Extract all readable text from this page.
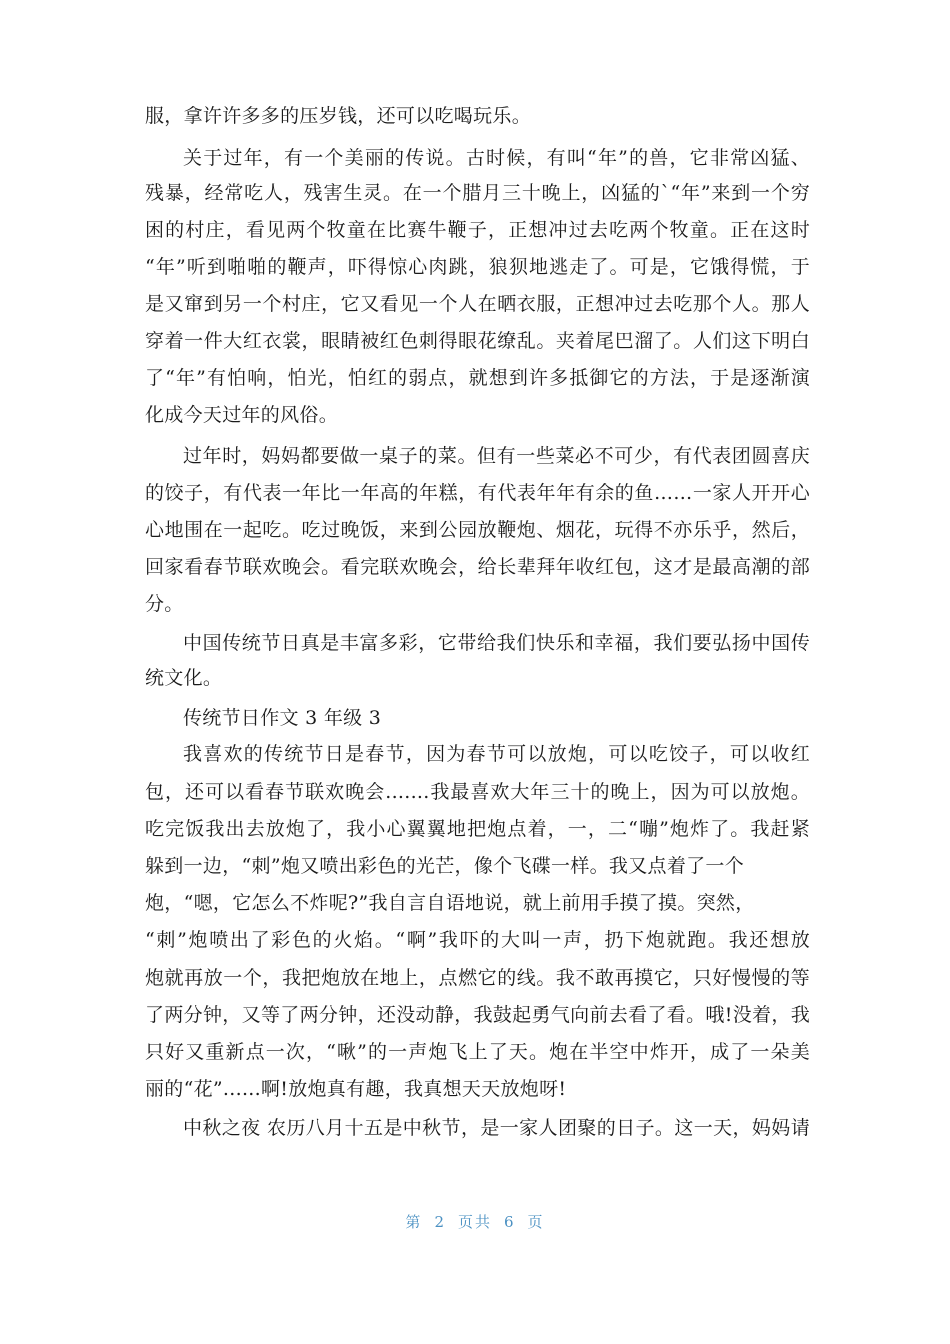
服，拿许许多多的压岁钱，还可以吃喝玩乐。
关于过年，有一个美丽的传说。古时候，有叫“年”的兽，它非常凶猛、
残暴，经常吃人，残害生灵。在一个腊月三十晚上，凶猛的`“年”来到一个穷
困的村庄，看见两个牧童在比赛牛鞭子，正想冲过去吃两个牧童。正在这时
“年”听到啪啪的鞭声，吓得惊心肉跳，狼狈地逃走了。可是，它饿得慌，于
是又窜到另一个村庄，它又看见一个人在晒衣服，正想冲过去吃那个人。那人
穿着一件大红衣裳，眼睛被红色刺得眼花缭乱。夹着尾巴溜了。人们这下明白
了“年”有怕响，怕光，怕红的弱点，就想到许多抵御它的方法，于是逐渐演
化成今天过年的风俗。
过年时，妈妈都要做一桌子的菜。但有一些菜必不可少，有代表团圆喜庆
的饺子，有代表一年比一年高的年糕，有代表年年有余的鱼……一家人开开心
心地围在一起吃。吃过晚饭，来到公园放鞭炮、烟花，玩得不亦乐乎，然后，
回家看春节联欢晚会。看完联欢晚会，给长辈拜年收红包，这才是最高潮的部
分。
中国传统节日真是丰富多彩，它带给我们快乐和幸福，我们要弘扬中国传
统文化。
传统节日作文 3 年级 3
我喜欢的传统节日是春节，因为春节可以放炮，可以吃饺子，可以收红
包，还可以看春节联欢晚会.......我最喜欢大年三十的晚上，因为可以放炮。
吃完饭我出去放炮了，我小心翼翼地把炮点着，一，二“嘣”炮炸了。我赶紧
躲到一边，“刺”炮又喷出彩色的光芒，像个飞碟一样。我又点着了一个
炮，“嗯，它怎么不炸呢?”我自言自语地说，就上前用手摸了摸。突然，
“刺”炮喷出了彩色的火焰。“啊”我吓的大叫一声，扔下炮就跑。我还想放
炮就再放一个，我把炮放在地上，点燃它的线。我不敢再摸它，只好慢慢的等
了两分钟，又等了两分钟，还没动静，我鼓起勇气向前去看了看。哦!没着，我
只好又重新点一次，“啾”的一声炮飞上了天。炮在半空中炸开，成了一朵美
丽的“花”......啊!放炮真有趣，我真想天天放炮呀!
中秋之夜 农历八月十五是中秋节，是一家人团聚的日子。这一天，妈妈请
第 2 页共 6 页
